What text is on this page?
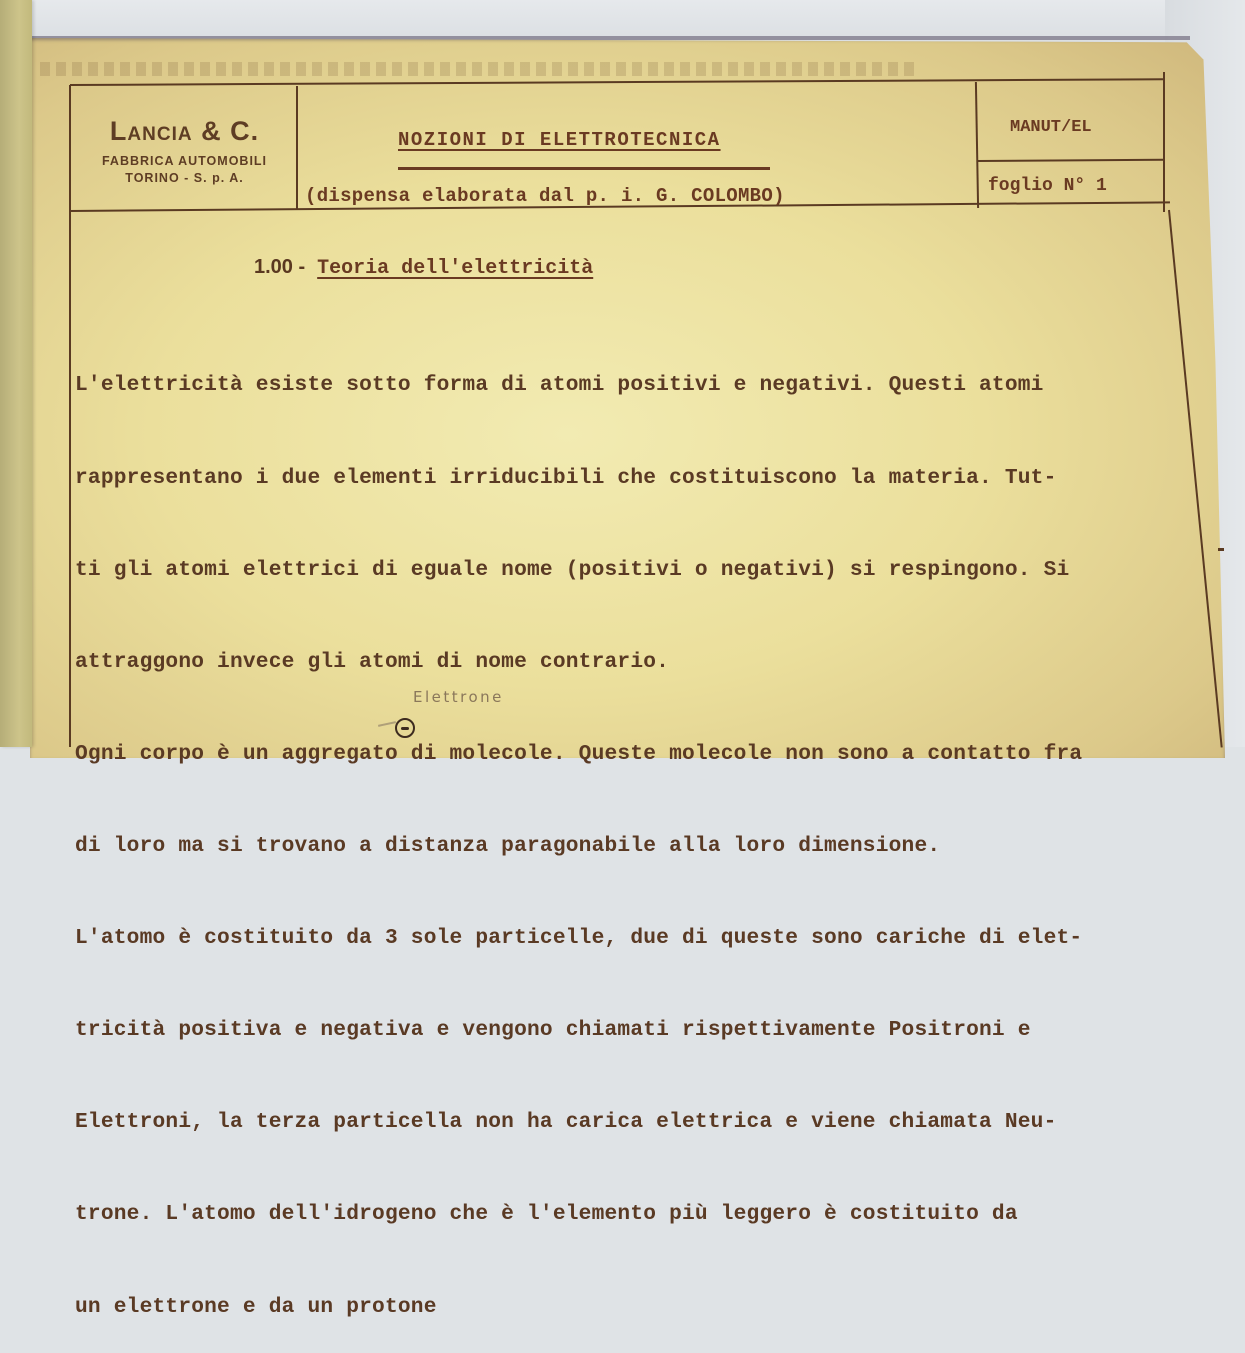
Lancia & C.
FABBRICA AUTOMOBILI
TORINO - S. p. A.
NOZIONI DI ELETTROTECNICA
(dispensa elaborata dal p. i. G. COLOMBO)
MANUT/EL
foglio N° 1
1.00 - Teoria dell'elettricità

L'elettricità esiste sotto forma di atomi positivi e negativi. Questi atomi

rappresentano i due elementi irriducibili che costituiscono la materia. Tut-

ti gli atomi elettrici di eguale nome (positivi o negativi) si respingono. Si

attraggono invece gli atomi di nome contrario.

Ogni corpo è un aggregato di molecole. Queste molecole non sono a contatto fra

di loro ma si trovano a distanza paragonabile alla loro dimensione.

L'atomo è costituito da 3 sole particelle, due di queste sono cariche di elet-

tricità positiva e negativa e vengono chiamati rispettivamente Positroni e

Elettroni, la terza particella non ha carica elettrica e viene chiamata Neu-

trone. L'atomo dell'idrogeno che è l'elemento più leggero è costituito da

un elettrone e da un protone

Elettrone
